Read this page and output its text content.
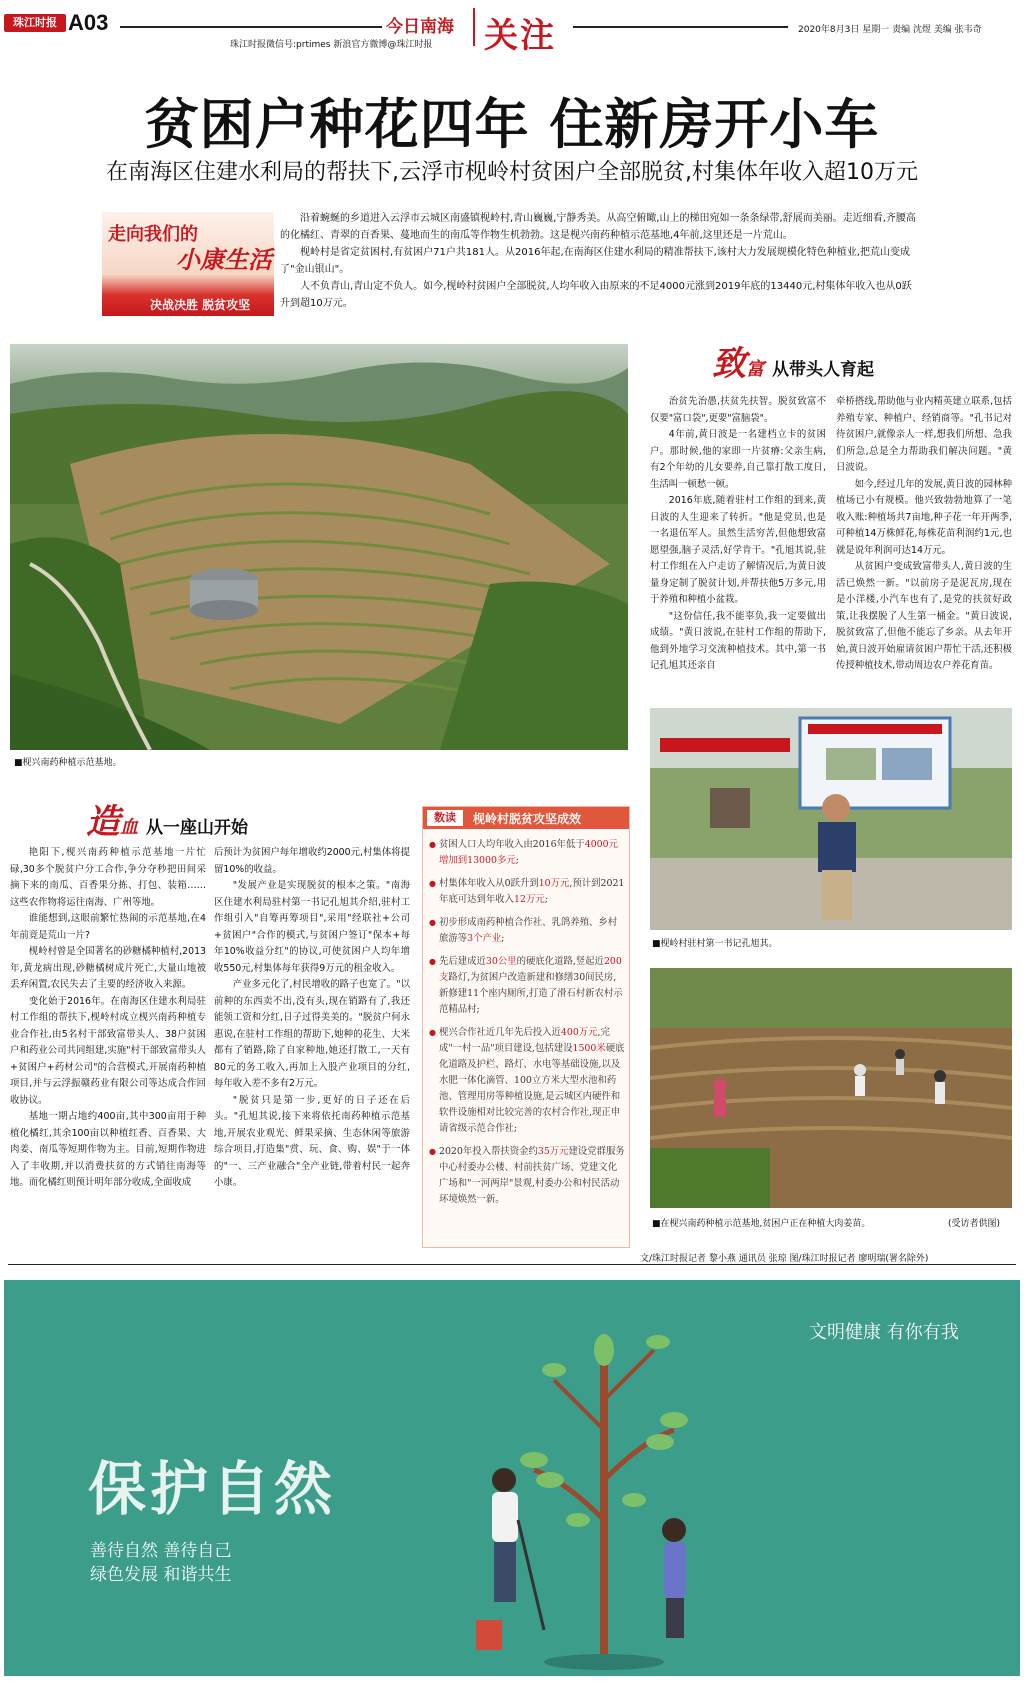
珠江时报 A03	今日南海 关注
珠江时报微信号:prtimes 新浪官方微博@珠江时报
2020年8月3日 星期一 责编 沈煜 美编 张韦奇
贫困户种花四年 住新房开小车
在南海区住建水利局的帮扶下,云浮市枧岭村贫困户全部脱贫,村集体年收入超10万元
走向我们的
小康生活
决战决胜 脱贫攻坚

沿着蜿蜒的乡道进入云浮市云城区南盛镇枧岭村,青山巍巍,宁静秀美。从高空俯瞰,山上的梯田宛如一条条绿带,舒展而美丽。走近细看,齐腰高的化橘红、青翠的百香果、蔓地而生的南瓜等作物生机勃勃。这是枧兴南药种植示范基地,4年前,这里还是一片荒山。

枧岭村是省定贫困村,有贫困户71户共181人。从2016年起,在南海区住建水利局的精准帮扶下,该村大力发展规模化特色种植业,把荒山变成了"金山银山"。

人不负青山,青山定不负人。如今,枧岭村贫困户全部脱贫,人均年收入由原来的不足4000元涨到2019年底的13440元,村集体年收入也从0跃升到超10万元。

■枧兴南药种植示范基地。
致富 从带头人育起

治贫先治愚,扶贫先扶智。脱贫致富不仅要"富口袋",更要"富脑袋"。

4年前,黄日波是一名建档立卡的贫困户。那时候,他的家即一片贫瘠:父亲生病,有2个年幼的儿女要养,自己靠打散工度日,生活叫一顿愁一顿。

2016年底,随着驻村工作组的到来,黄日波的人生迎来了转折。"他是党员,也是一名退伍军人。虽然生活穷苦,但他想致富愿望强,脑子灵活,好学肯干。"孔旭其说,驻村工作组在入户走访了解情况后,为黄日波量身定制了脱贫计划,并帮扶他5万多元,用于养殖和种植小盆栽。

"这份信任,我不能辜负,我一定要做出成绩。"黄日波说,在驻村工作组的帮助下,他到外地学习交流种植技术。其中,第一书记孔旭其还亲自

牵桥搭线,帮助他与业内精英建立联系,包括养殖专家、种植户、经销商等。"孔书记对待贫困户,就像亲人一样,想我们所想、急我们所急,总是全力帮助我们解决问题。"黄日波说。

如今,经过几年的发展,黄日波的园林种植场已小有规模。他兴致勃勃地算了一笔收入账:种植场共7亩地,种子花一年开两季,可种植14万株鲜花,每株花苗利润约1元,也就是说年利润可达14万元。

从贫困户变成致富带头人,黄日波的生活已焕然一新。"以前房子是泥瓦房,现在是小洋楼,小汽车也有了,是党的扶贫好政策,让我摆脱了人生第一桶金。"黄日波说,脱贫致富了,但他不能忘了乡亲。从去年开始,黄日波开始雇请贫困户帮忙干活,还积极传授种植技术,带动周边农户养花育苗。

■枧岭村驻村第一书记孔旭其。
■在枧兴南药种植示范基地,贫困户正在种植大肉姜苗。	(受访者供图)
造血 从一座山开始

艳阳下,枧兴南药种植示范基地一片忙碌,30多个脱贫户分工合作,争分夺秒把田间采摘下来的南瓜、百香果分拣、打包、装箱……这些农作物将运往南海、广州等地。

谁能想到,这眼前繁忙热闹的示范基地,在4年前竟是荒山一片?

枧岭村曾是全国著名的砂糖橘种植村,2013年,黄龙病出现,砂糖橘树成片死亡,大量山地被丢弃闲置,农民失去了主要的经济收入来源。

变化始于2016年。在南海区住建水利局驻村工作组的帮扶下,枧岭村成立枧兴南药种植专业合作社,由5名村干部致富带头人、38户贫困户和药业公司共同组建,实施"村干部致富带头人+贫困户+药材公司"的合营模式,开展南药种植项目,并与云浮振赣药业有限公司等达成合作回收协议。

基地一期占地约400亩,其中300亩用于种植化橘红,其余100亩以种植红香、百香果、大肉姜、南瓜等短期作物为主。目前,短期作物进入了丰收期,并以消费扶贫的方式销往南海等地。而化橘红则预计明年部分收成,全面收成

后预计为贫困户每年增收约2000元,村集体将提留10%的收益。

"发展产业是实现脱贫的根本之策。"南海区住建水利局驻村第一书记孔旭其介绍,驻村工作组引入"自筹再筹项目",采用"经联社+公司+贫困户"合作的模式,与贫困户签订"保本+每年10%收益分红"的协议,可使贫困户人均年增收550元,村集体每年获得9万元的租金收入。

产业多元化了,村民增收的路子也宽了。"以前种的东西卖不出,没有头,现在销路有了,我还能领工资和分红,日子过得美美的。"脱贫户何永惠说,在驻村工作组的帮助下,她种的花生、大米都有了销路,除了自家种地,她还打散工,一天有80元的务工收入,再加上入股产业项目的分红,每年收入差不多有2万元。

"脱贫只是第一步,更好的日子还在后头。"孔旭其说,接下来将依托南药种植示范基地,开展农业观光、鲜果采摘、生态休闲等旅游综合项目,打造集"赏、玩、食、购、娱"于一体的"一、三产业融合"全产业链,带着村民一起奔小康。

数读	枧岭村脱贫攻坚成效
● 贫困人口人均年收入由2016年低于4000元增加到13000多元;
● 村集体年收入从0跃升到10万元,预计到2021年底可达到年收入12万元;
● 初步形成南药种植合作社、乳鸽养殖、乡村旅游等3个产业;
● 先后建成近30公里的硬底化道路,竖起近200支路灯,为贫困户改造新建和修缮30间民房,新修建11个座内厕所,打造了滑石村新农村示范精品村;
● 枧兴合作社近几年先后投入近400万元,完成"一村一品"项目建设,包括建设1500米硬底化道路及护栏、路灯、水电等基础设施,以及水肥一体化滴管、100立方米大型水池和药池、管理用房等种植设施,是云城区内硬件和软件设施相对比较完善的农村合作社,现正申请省级示范合作社;
● 2020年投入帮扶资金约35万元建设党群服务中心村委办公楼、村前扶贫广场、党建文化广场和"一河两岸"景观,村委办公和村民活动环境焕然一新。
文/珠江时报记者 黎小燕 通讯员 张琼 图/珠江时报记者 廖明瑞(署名除外)
文明健康 有你有我
保护自然
善待自然 善待自己
绿色发展 和谐共生
